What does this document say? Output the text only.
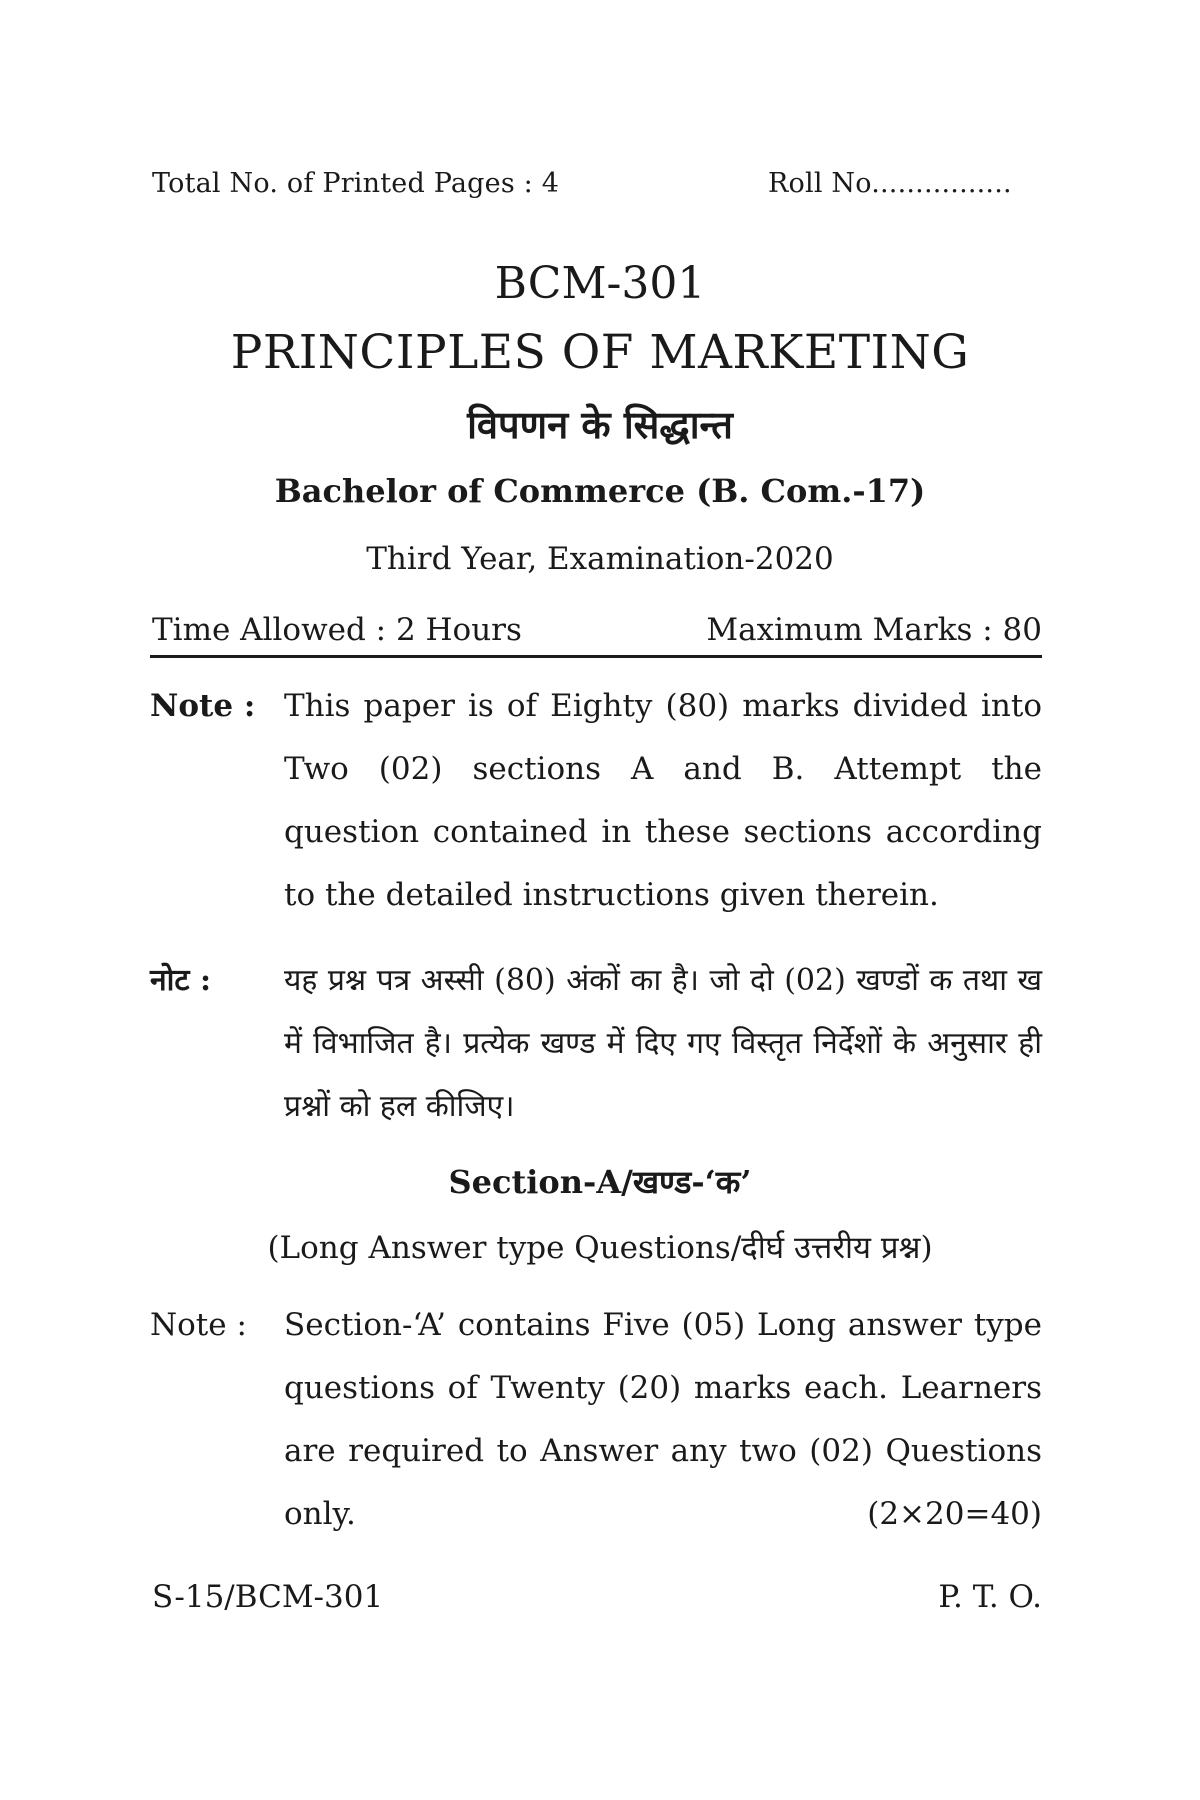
Total No. of Printed Pages : 4	Roll No................
BCM-301
PRINCIPLES OF MARKETING
विपणन के सिद्धान्त
Bachelor of Commerce (B. Com.-17)
Third Year, Examination-2020
Time Allowed : 2 Hours	Maximum Marks : 80
Note : This paper is of Eighty (80) marks divided into Two (02) sections A and B. Attempt the question contained in these sections according to the detailed instructions given therein.
नोट : यह प्रश्न पत्र अस्सी (80) अंकों का है। जो दो (02) खण्डों क तथा ख में विभाजित है। प्रत्येक खण्ड में दिए गए विस्तृत निर्देशों के अनुसार ही प्रश्नों को हल कीजिए।
Section-A/खण्ड-‘क’
(Long Answer type Questions/दीर्घ उत्तरीय प्रश्न)
Note : Section-‘A’ contains Five (05) Long answer type questions of Twenty (20) marks each. Learners are required to Answer any two (02) Questions only.	(2×20=40)
S-15/BCM-301	P. T. O.
